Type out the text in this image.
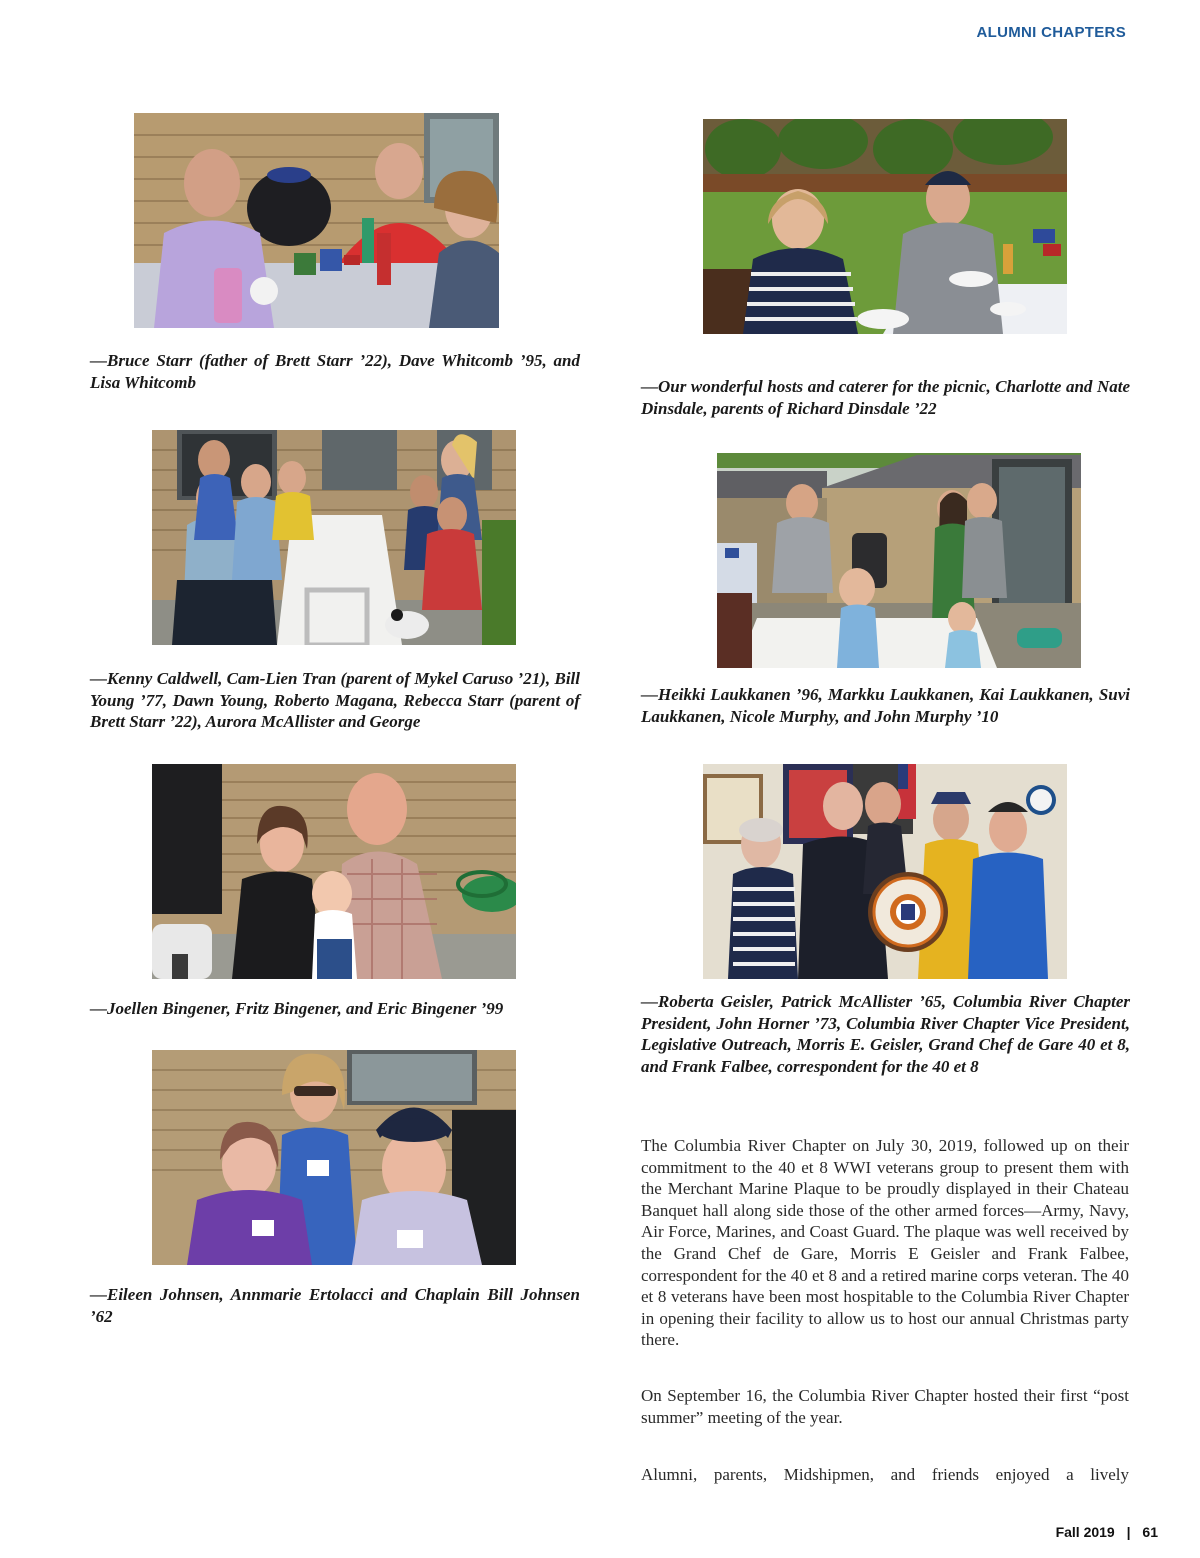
ALUMNI CHAPTERS
—Bruce Starr (father of Brett Starr ’22), Dave Whitcomb ’95, and Lisa Whitcomb	—Our wonderful hosts and caterer for the picnic, Charlotte and Nate Dinsdale, parents of Richard Dinsdale ’22
—Kenny Caldwell, Cam-Lien Tran (parent of Mykel Caruso ’21), Bill Young ’77, Dawn Young, Roberto Magana, Rebecca Starr (parent of Brett Starr ’22), Aurora McAllister and George
—Heikki Laukkanen ’96, Markku Laukkanen, Kai Laukkanen, Suvi Laukkanen, Nicole Murphy, and John Murphy ’10
—Joellen Bingener, Fritz Bingener, and Eric Bingener ’99	—Roberta Geisler, Patrick McAllister ’65, Columbia River Chapter President, John Horner ’73, Columbia River Chapter Vice President, Legislative Outreach, Morris E. Geisler, Grand Chef de Gare 40 et 8, and Frank Falbee, correspondent for the 40 et 8
—Eileen Johnsen, Annmarie Ertolacci and Chaplain Bill Johnsen ’62

The Columbia River Chapter on July 30, 2019, followed up on their commitment to the 40 et 8 WWI veterans group to present them with the Merchant Marine Plaque to be proudly displayed in their Chateau Banquet hall along side those of the other armed forces—Army, Navy, Air Force, Marines, and Coast Guard. The plaque was well received by the Grand Chef de Gare, Morris E Geisler and Frank Falbee, correspondent for the 40 et 8 and a retired marine corps veteran. The 40 et 8 veterans have been most hospitable to the Columbia River Chapter in opening their facility to allow us to host our annual Christmas party there.

On September 16, the Columbia River Chapter hosted their first “post summer” meeting of the year.

Alumni, parents, Midshipmen, and friends enjoyed a lively

Fall 2019 | 61
